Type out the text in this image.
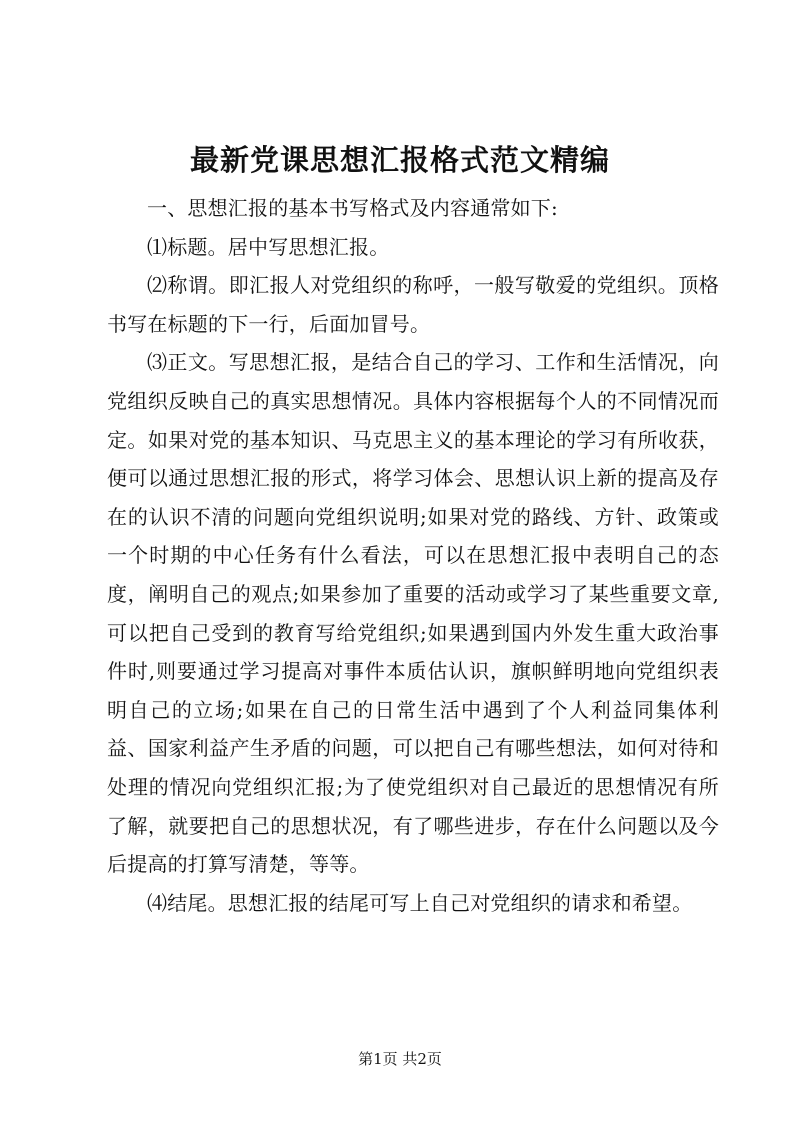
最新党课思想汇报格式范文精编

一、思想汇报的基本书写格式及内容通常如下:

⑴标题。居中写思想汇报。

⑵称谓。即汇报人对党组织的称呼，一般写敬爱的党组织。顶格书写在标题的下一行，后面加冒号。

⑶正文。写思想汇报，是结合自己的学习、工作和生活情况，向党组织反映自己的真实思想情况。具体内容根据每个人的不同情况而定。如果对党的基本知识、马克思主义的基本理论的学习有所收获，便可以通过思想汇报的形式，将学习体会、思想认识上新的提高及存在的认识不清的问题向党组织说明;如果对党的路线、方针、政策或一个时期的中心任务有什么看法，可以在思想汇报中表明自己的态度，阐明自己的观点;如果参加了重要的活动或学习了某些重要文章,可以把自己受到的教育写给党组织;如果遇到国内外发生重大政治事件时,则要通过学习提高对事件本质估认识，旗帜鲜明地向党组织表明自己的立场;如果在自己的日常生活中遇到了个人利益同集体利益、国家利益产生矛盾的问题，可以把自己有哪些想法，如何对待和处理的情况向党组织汇报;为了使党组织对自己最近的思想情况有所了解，就要把自己的思想状况，有了哪些进步，存在什么问题以及今后提高的打算写清楚，等等。

⑷结尾。思想汇报的结尾可写上自己对党组织的请求和希望。

第1页 共2页
